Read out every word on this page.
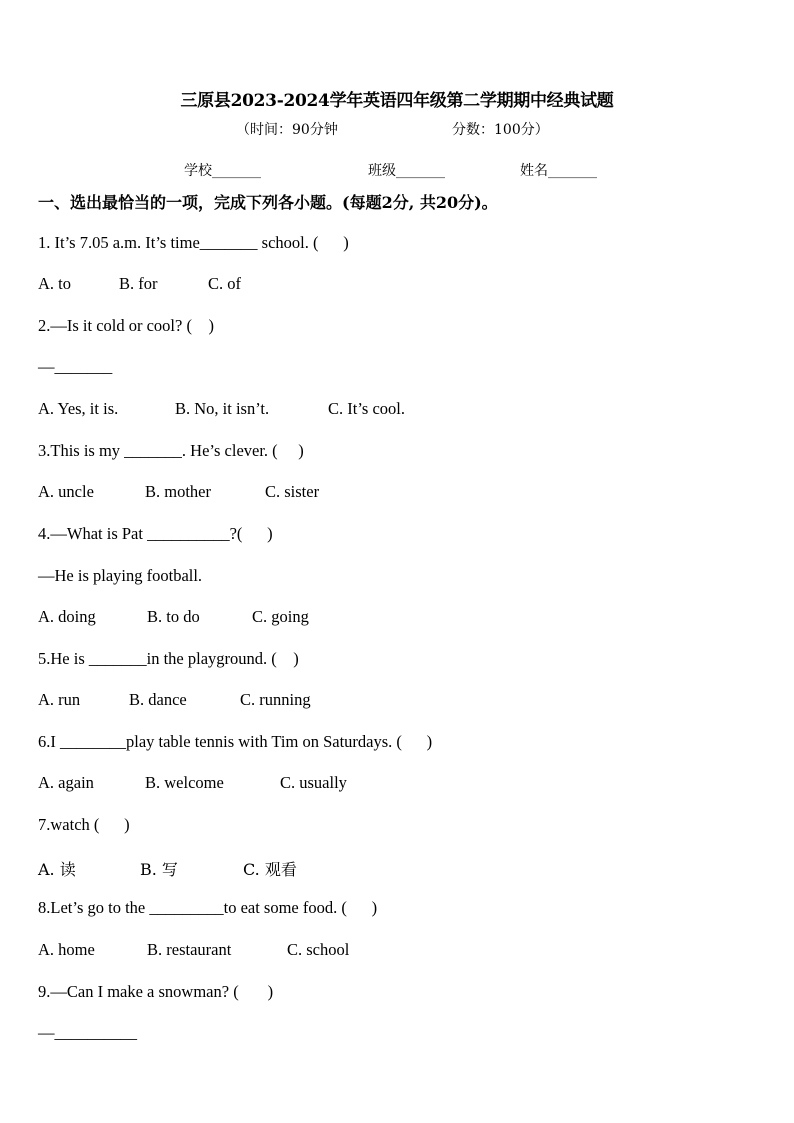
三原县2023-2024学年英语四年级第二学期期中经典试题
（时间：90分钟	分数：100分）
学校_______	班级_______	姓名_______
一、选出最恰当的一项，完成下列各小题。(每题2分, 共20分)。
1. It’s 7.05 a.m. It’s time_______ school. (      )
A. to	B. for	C. of
2.—Is it cold or cool? (    )
—_______
A. Yes, it is.	B. No, it isn’t.	C. It’s cool.
3.This is my _______. He’s clever. (     )
A. uncle	B. mother	C. sister
4.—What is Pat __________?(      )
—He is playing football.
A. doing	B. to do	C. going
5.He is _______in the playground. (    )
A. run	B. dance	C. running
6.I ________play table tennis with Tim on Saturdays. (      )
A. again	B. welcome	C. usually
7.watch (      )
A. 读	B. 写	C. 观看
8.Let’s go to the _________to eat some food. (      )
A. home	B. restaurant	C. school
9.—Can I make a snowman? (       )
—__________
